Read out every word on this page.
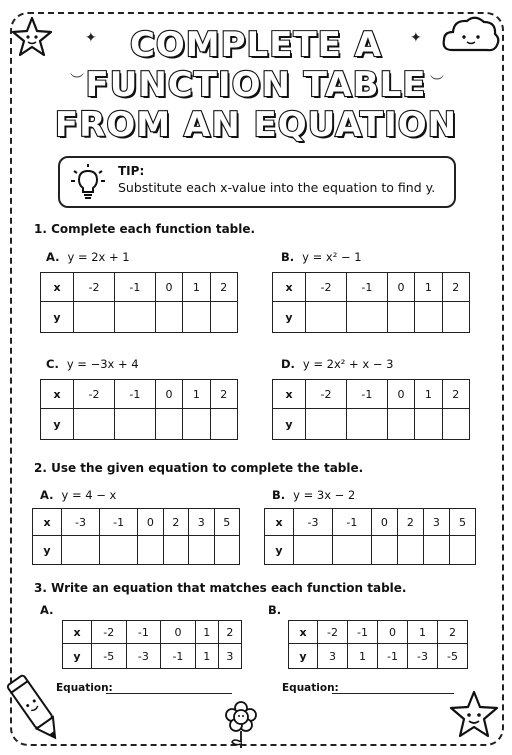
✦	✦
︶	︶
COMPLETE A
FUNCTION TABLE
FROM AN EQUATION
TIP:
Substitute each x-value into the equation to find y.
1. Complete each function table.
A. y = 2x + 1
x	-2	-1	0	1	2
y					
B. y = x² − 1
x	-2	-1	0	1	2
y					
C. y = −3x + 4
x	-2	-1	0	1	2
y					
D. y = 2x² + x − 3
x	-2	-1	0	1	2
y					
2. Use the given equation to complete the table.
A. y = 4 − x
x	-3	-1	0	2	3	5
y						
B. y = 3x − 2
x	-3	-1	0	2	3	5
y						
3. Write an equation that matches each function table.
A.
x	-2	-1	0	1	2
y	-5	-3	-1	1	3
Equation:
B.
x	-2	-1	0	1	2
y	3	1	-1	-3	-5
Equation:
